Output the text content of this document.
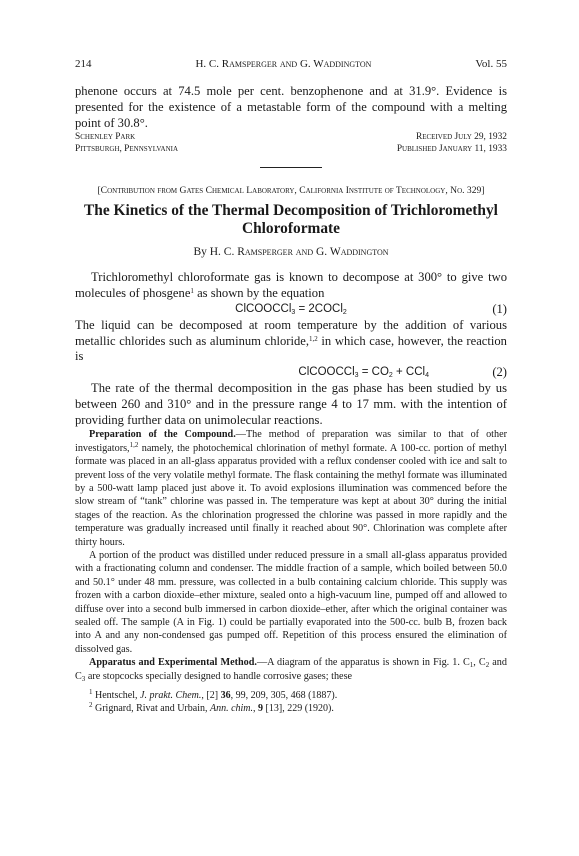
214	H. C. Ramsperger and G. Waddington	Vol. 55
phenone occurs at 74.5 mole per cent. benzophenone and at 31.9°. Evidence is presented for the existence of a metastable form of the compound with a melting point of 30.8°.
Schenley Park
Pittsburgh, Pennsylvania
Received July 29, 1932
Published January 11, 1933
[Contribution from Gates Chemical Laboratory, California Institute of Technology, No. 329]
The Kinetics of the Thermal Decomposition of Trichloromethyl Chloroformate
By H. C. Ramsperger and G. Waddington
Trichloromethyl chloroformate gas is known to decompose at 300° to give two molecules of phosgene$^1$ as shown by the equation
ClCOOCCl$_3$ = 2COCl$_2$	(1)
The liquid can be decomposed at room temperature by the addition of various metallic chlorides such as aluminum chloride,$^{1,2}$ in which case, however, the reaction is
ClCOOCCl$_3$ = $CO_2 + CCl_4$	(2)
The rate of the thermal decomposition in the gas phase has been studied by us between 260 and 310° and in the pressure range 4 to 17 mm. with the intention of providing further data on unimolecular reactions.
Preparation of the Compound.—The method of preparation was similar to that of other investigators,$^{1,2}$ namely, the photochemical chlorination of methyl formate. A 100-cc. portion of methyl formate was placed in an all-glass apparatus provided with a reflux condenser cooled with ice and salt to prevent loss of the very volatile methyl formate. The flask containing the methyl formate was illuminated by a 500-watt lamp placed just above it. To avoid explosions illumination was commenced before the slow stream of “tank” chlorine was passed in. The temperature was kept at about 30° during the initial stages of the reaction. As the chlorination progressed the chlorine was passed in more rapidly and the temperature was gradually increased until finally it reached about 90°. Chlorination was complete after thirty hours.
A portion of the product was distilled under reduced pressure in a small all-glass apparatus provided with a fractionating column and condenser. The middle fraction of a sample, which boiled between 50.0 and 50.1° under 48 mm. pressure, was collected in a bulb containing calcium chloride. This supply was frozen with a carbon dioxide–ether mixture, sealed onto a high-vacuum line, pumped off and allowed to diffuse over into a second bulb immersed in carbon dioxide–ether, after which the original container was sealed off. The sample (A in Fig. 1) could be partially evaporated into the 500-cc. bulb B, frozen back into A and any non-condensed gas pumped off. Repetition of this process ensured the elimination of dissolved gas.
Apparatus and Experimental Method.—A diagram of the apparatus is shown in Fig. 1. $C_1$, $C_2$ and $C_3$ are stopcocks specially designed to handle corrosive gases; these
$^1$ Hentschel, J. prakt. Chem., [2] 36, 99, 209, 305, 468 (1887).
$^2$ Grignard, Rivat and Urbain, Ann. chim., 9 [13], 229 (1920).
